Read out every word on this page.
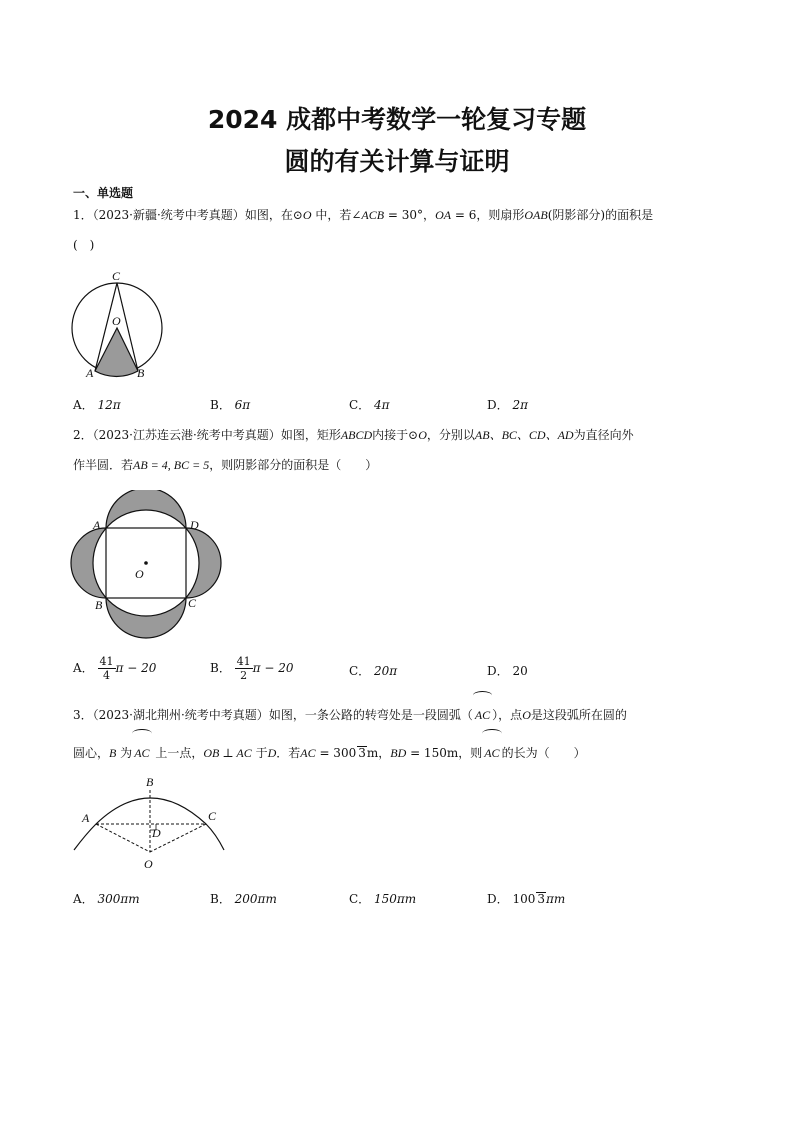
2024 成都中考数学一轮复习专题
圆的有关计算与证明
一、单选题
1．（2023·新疆·统考中考真题）如图，在⊙O 中，若∠ACB = 30°，OA = 6，则扇形OAB(阴影部分)的面积是
(　)
C
O
A	B
A． 12π	B． 6π	C． 4π	D． 2π
2．（2023·江苏连云港·统考中考真题）如图，矩形ABCD内接于⊙O，分别以AB、BC、CD、AD为直径向外
作半圆．若AB = 4, BC = 5，则阴影部分的面积是（　　）
A	D
O
B	C
A． $\frac{41}{4}$ π − 20	B． $\frac{41}{2}$ π − 20	C． 20π	D． 20
3．（2023·湖北荆州·统考中考真题）如图，一条公路的转弯处是一段圆弧（ AC ），点O是这段弧所在圆的
圆心，B 为 AC 上一点，OB ⊥ AC 于D．若AC = 300 3m，BD = 150m，则 AC 的长为（　　）
B
A	C
D
O
A． 300πm	B． 200πm	C． 150πm	D． 100 3πm
